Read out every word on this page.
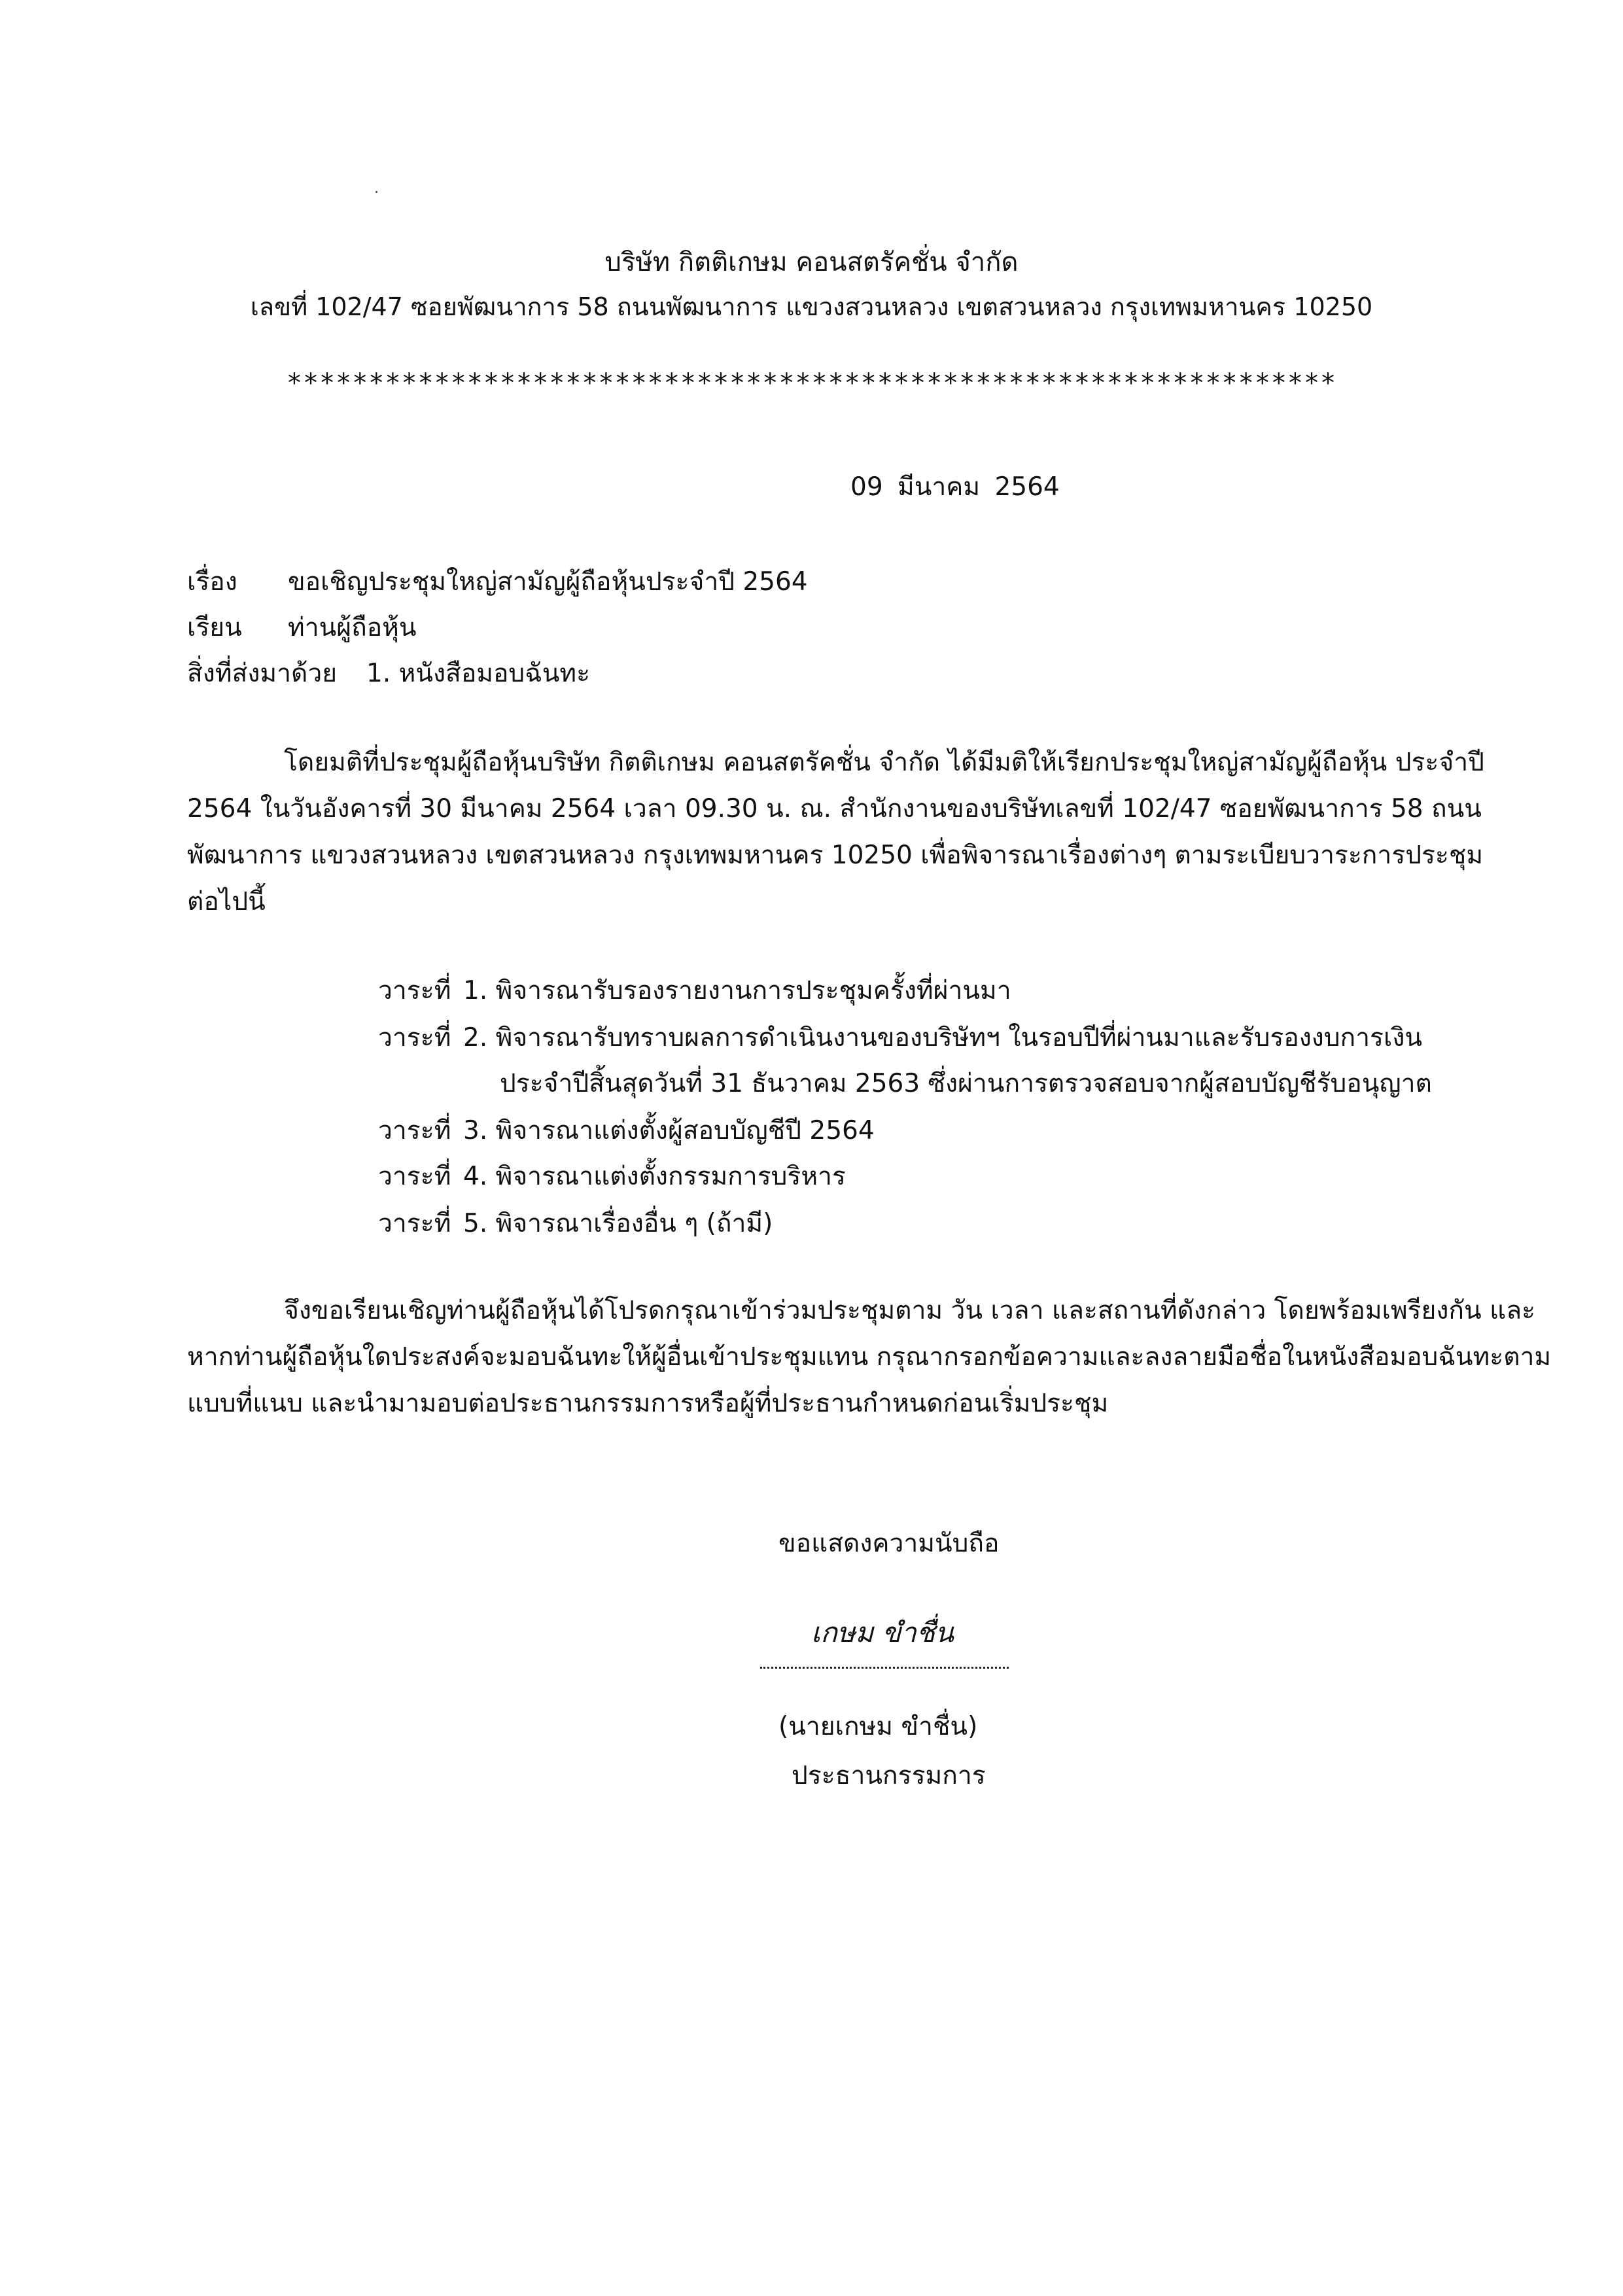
บริษัท กิตติเกษม คอนสตรัคชั่น จำกัด
เลขที่ 102/47 ซอยพัฒนาการ 58 ถนนพัฒนาการ แขวงสวนหลวง เขตสวนหลวง กรุงเทพมหานคร 10250
****************************************************************
09 มีนาคม 2564
เรื่อง ขอเชิญประชุมใหญ่สามัญผู้ถือหุ้นประจำปี 2564
เรียน ท่านผู้ถือหุ้น
สิ่งที่ส่งมาด้วย 1. หนังสือมอบฉันทะ
โดยมติที่ประชุมผู้ถือหุ้นบริษัท กิตติเกษม คอนสตรัคชั่น จำกัด ได้มีมติให้เรียกประชุมใหญ่สามัญผู้ถือหุ้น ประจำปี
2564 ในวันอังคารที่ 30 มีนาคม 2564 เวลา 09.30 น. ณ. สำนักงานของบริษัทเลขที่ 102/47 ซอยพัฒนาการ 58 ถนน
พัฒนาการ แขวงสวนหลวง เขตสวนหลวง กรุงเทพมหานคร 10250 เพื่อพิจารณาเรื่องต่างๆ ตามระเบียบวาระการประชุม
ต่อไปนี้
วาระที่ 1. พิจารณารับรองรายงานการประชุมครั้งที่ผ่านมา
วาระที่ 2. พิจารณารับทราบผลการดำเนินงานของบริษัทฯ ในรอบปีที่ผ่านมาและรับรองงบการเงิน
ประจำปีสิ้นสุดวันที่ 31 ธันวาคม 2563 ซึ่งผ่านการตรวจสอบจากผู้สอบบัญชีรับอนุญาต
วาระที่ 3. พิจารณาแต่งตั้งผู้สอบบัญชีปี 2564
วาระที่ 4. พิจารณาแต่งตั้งกรรมการบริหาร
วาระที่ 5. พิจารณาเรื่องอื่น ๆ (ถ้ามี)
จึงขอเรียนเชิญท่านผู้ถือหุ้นได้โปรดกรุณาเข้าร่วมประชุมตาม วัน เวลา และสถานที่ดังกล่าว โดยพร้อมเพรียงกัน และ
หากท่านผู้ถือหุ้นใดประสงค์จะมอบฉันทะให้ผู้อื่นเข้าประชุมแทน กรุณากรอกข้อความและลงลายมือชื่อในหนังสือมอบฉันทะตาม
แบบที่แนบ และนำมามอบต่อประธานกรรมการหรือผู้ที่ประธานกำหนดก่อนเริ่มประชุม
ขอแสดงความนับถือ
เกษม ขำชื่น
(นายเกษม ขำชื่น)
ประธานกรรมการ
